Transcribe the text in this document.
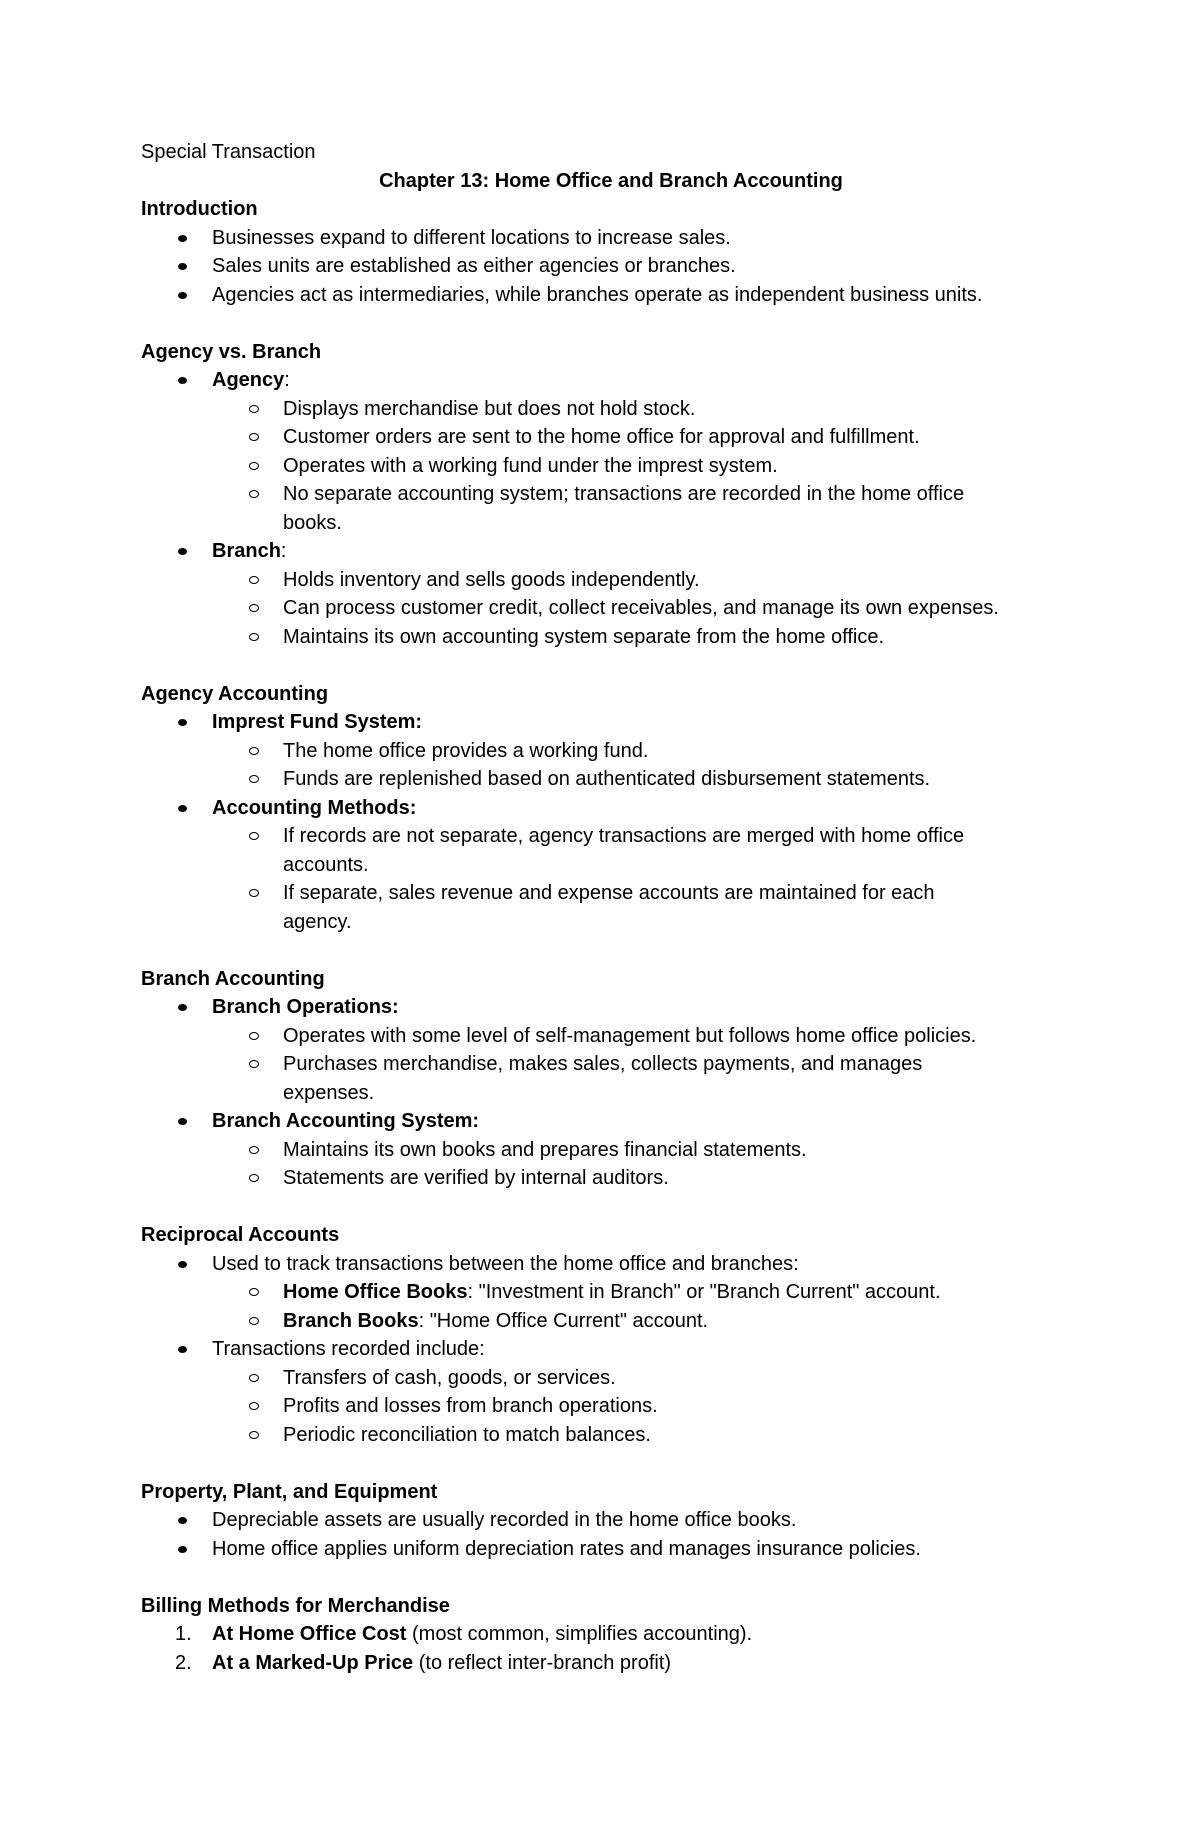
Special Transaction

Chapter 13: Home Office and Branch Accounting

Introduction

Businesses expand to different locations to increase sales.
Sales units are established as either agencies or branches.
Agencies act as intermediaries, while branches operate as independent business units.

Agency vs. Branch

Agency:
Displays merchandise but does not hold stock.
Customer orders are sent to the home office for approval and fulfillment.
Operates with a working fund under the imprest system.
No separate accounting system; transactions are recorded in the home office
books.
Branch:
Holds inventory and sells goods independently.
Can process customer credit, collect receivables, and manage its own expenses.
Maintains its own accounting system separate from the home office.

Agency Accounting

Imprest Fund System:
The home office provides a working fund.
Funds are replenished based on authenticated disbursement statements.
Accounting Methods:
If records are not separate, agency transactions are merged with home office
accounts.
If separate, sales revenue and expense accounts are maintained for each
agency.

Branch Accounting

Branch Operations:
Operates with some level of self-management but follows home office policies.
Purchases merchandise, makes sales, collects payments, and manages
expenses.
Branch Accounting System:
Maintains its own books and prepares financial statements.
Statements are verified by internal auditors.

Reciprocal Accounts

Used to track transactions between the home office and branches:
Home Office Books: "Investment in Branch" or "Branch Current" account.
Branch Books: "Home Office Current" account.
Transactions recorded include:
Transfers of cash, goods, or services.
Profits and losses from branch operations.
Periodic reconciliation to match balances.

Property, Plant, and Equipment

Depreciable assets are usually recorded in the home office books.
Home office applies uniform depreciation rates and manages insurance policies.

Billing Methods for Merchandise

1. At Home Office Cost (most common, simplifies accounting).
2. At a Marked-Up Price (to reflect inter-branch profit)
